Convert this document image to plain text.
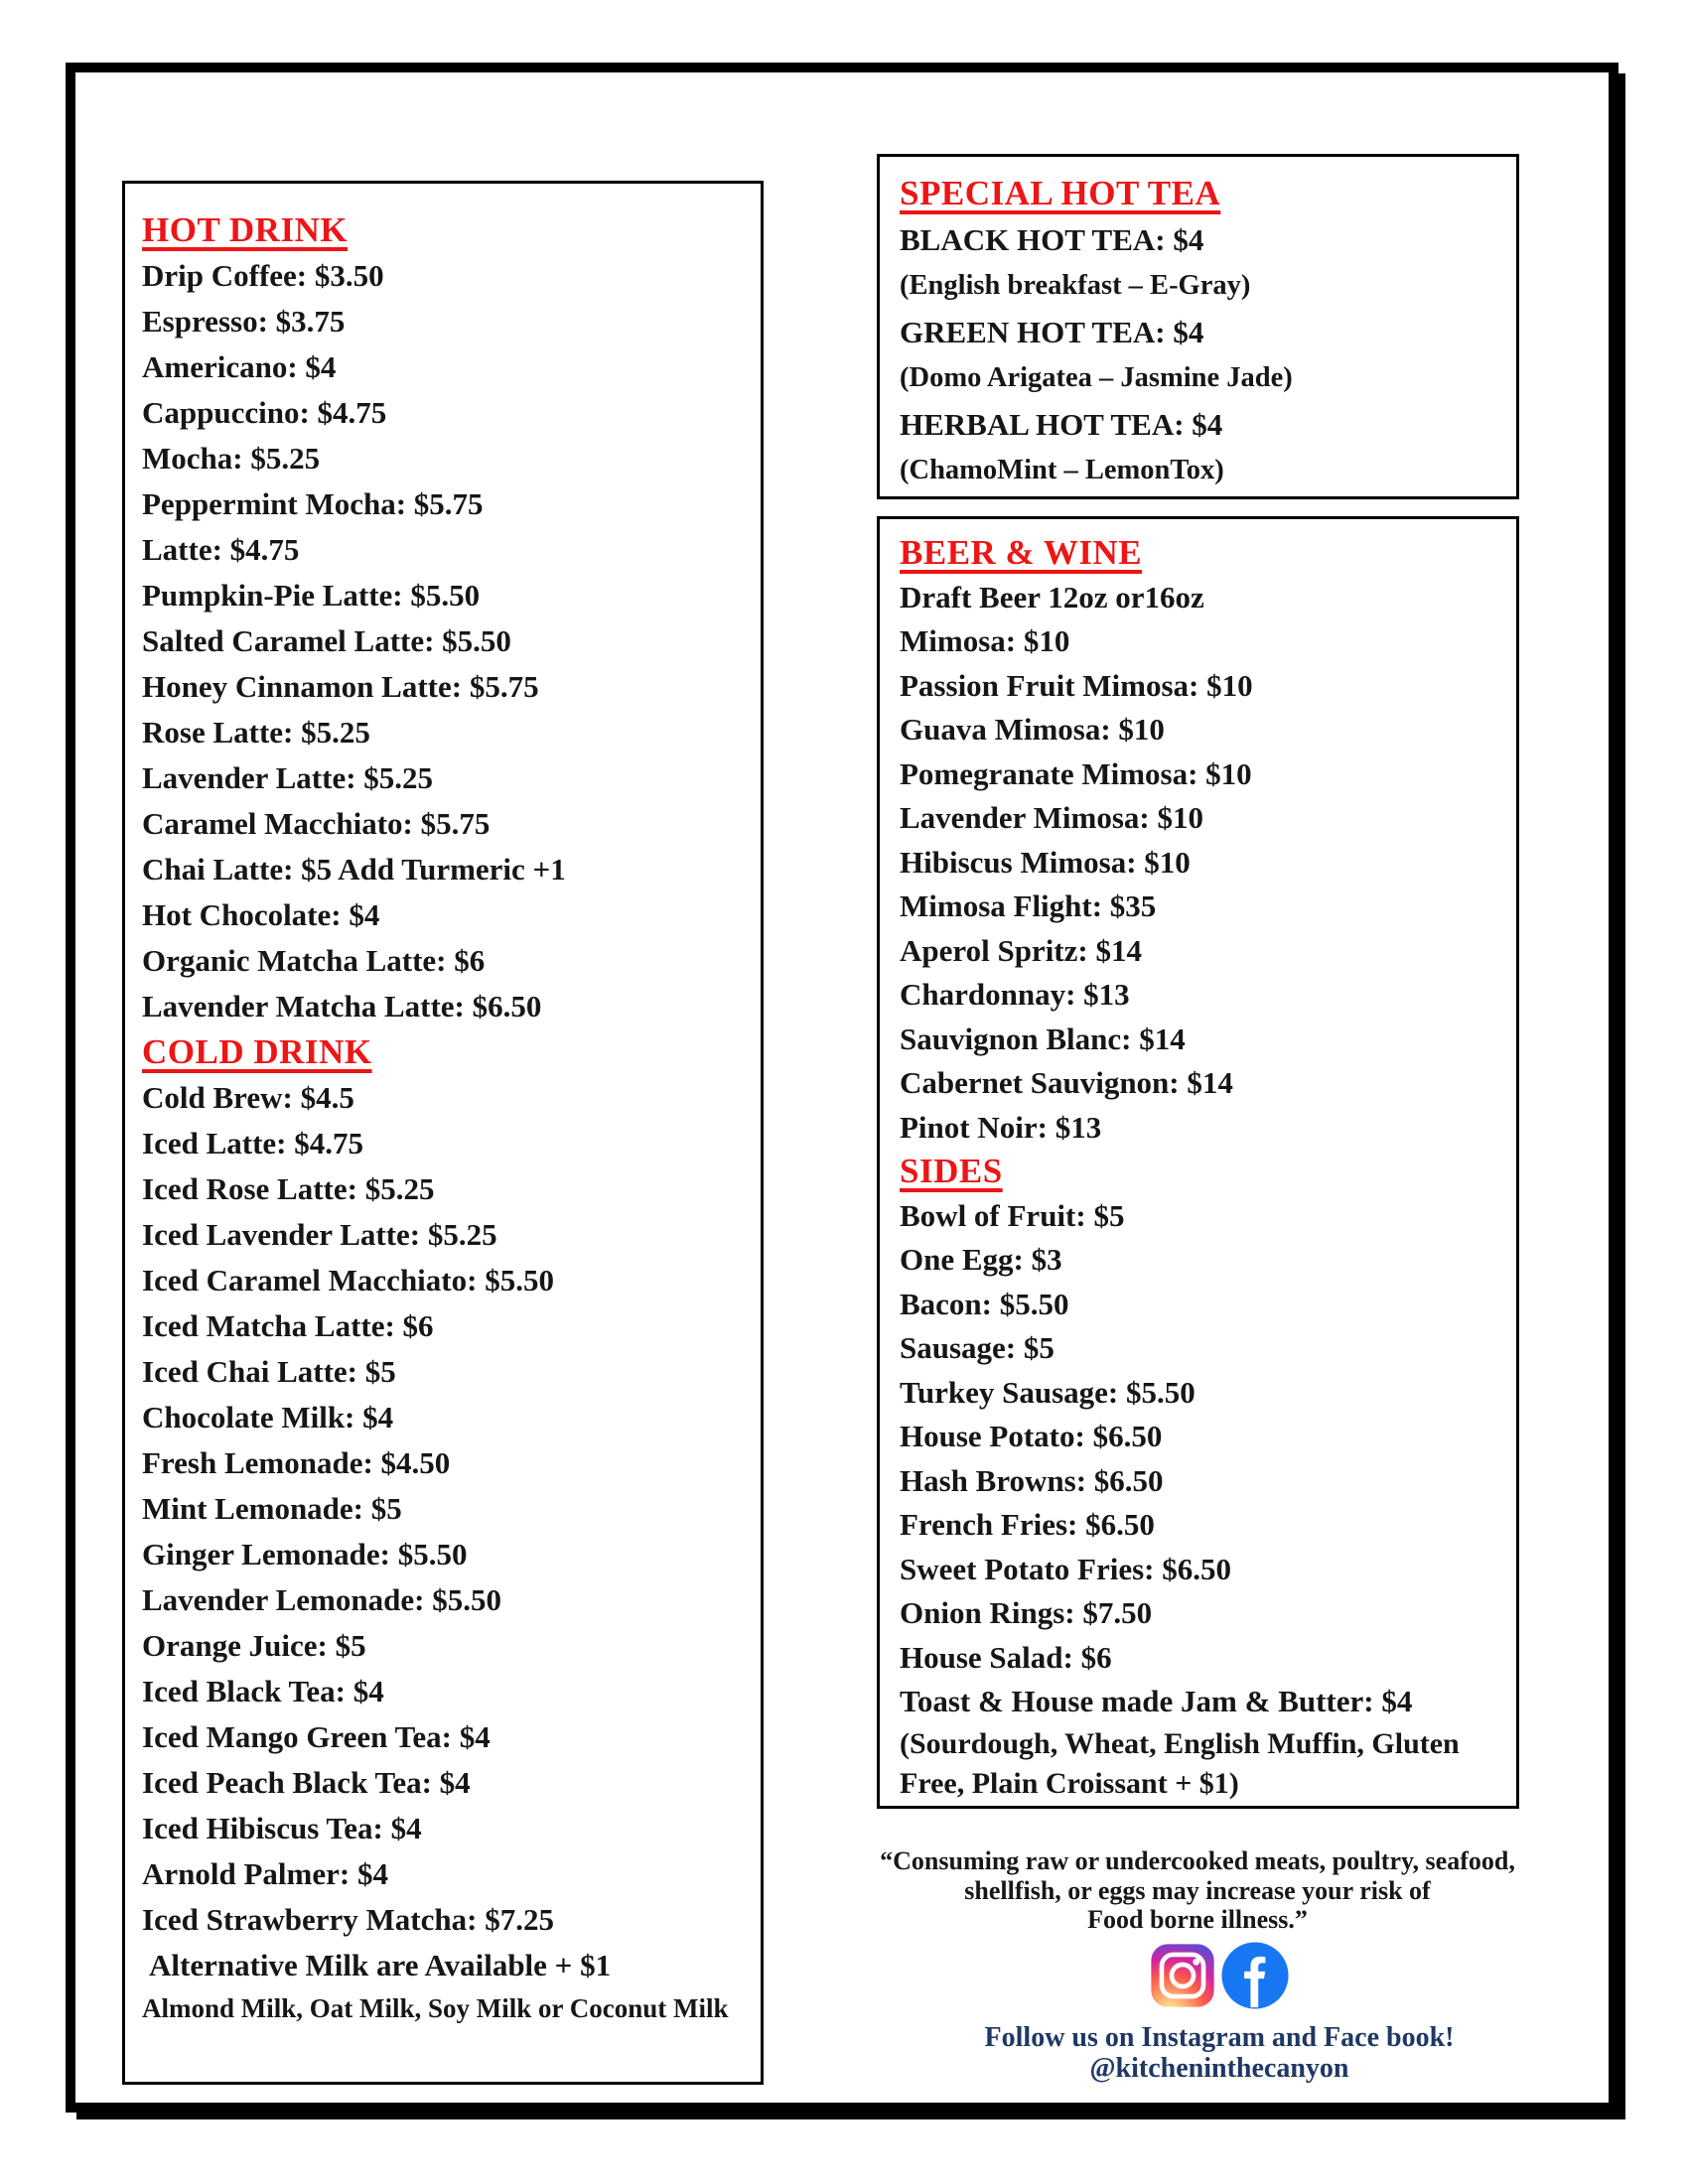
HOT DRINK
Drip Coffee: $3.50
Espresso: $3.75
Americano: $4
Cappuccino: $4.75
Mocha: $5.25
Peppermint Mocha: $5.75
Latte: $4.75
Pumpkin-Pie Latte: $5.50
Salted Caramel Latte: $5.50
Honey Cinnamon Latte: $5.75
Rose Latte: $5.25
Lavender Latte: $5.25
Caramel Macchiato: $5.75
Chai Latte: $5 Add Turmeric +1
Hot Chocolate: $4
Organic Matcha Latte: $6
Lavender Matcha Latte: $6.50
COLD DRINK
Cold Brew: $4.5
Iced Latte: $4.75
Iced Rose Latte: $5.25
Iced Lavender Latte: $5.25
Iced Caramel Macchiato: $5.50
Iced Matcha Latte: $6
Iced Chai Latte: $5
Chocolate Milk: $4
Fresh Lemonade: $4.50
Mint Lemonade: $5
Ginger Lemonade: $5.50
Lavender Lemonade: $5.50
Orange Juice: $5
Iced Black Tea: $4
Iced Mango Green Tea: $4
Iced Peach Black Tea: $4
Iced Hibiscus Tea: $4
Arnold Palmer: $4
Iced Strawberry Matcha: $7.25
Alternative Milk are Available + $1
Almond Milk, Oat Milk, Soy Milk or Coconut Milk
SPECIAL HOT TEA
BLACK HOT TEA: $4
(English breakfast – E-Gray)
GREEN HOT TEA: $4
(Domo Arigatea – Jasmine Jade)
HERBAL HOT TEA: $4
(ChamoMint – LemonTox)
BEER & WINE
Draft Beer 12oz or16oz
Mimosa: $10
Passion Fruit Mimosa: $10
Guava Mimosa: $10
Pomegranate Mimosa: $10
Lavender Mimosa: $10
Hibiscus Mimosa: $10
Mimosa Flight: $35
Aperol Spritz: $14
Chardonnay: $13
Sauvignon Blanc: $14
Cabernet Sauvignon: $14
Pinot Noir: $13
SIDES
Bowl of Fruit: $5
One Egg: $3
Bacon: $5.50
Sausage: $5
Turkey Sausage: $5.50
House Potato: $6.50
Hash Browns: $6.50
French Fries: $6.50
Sweet Potato Fries: $6.50
Onion Rings: $7.50
House Salad: $6
Toast & House made Jam & Butter: $4
(Sourdough, Wheat, English Muffin, Gluten Free, Plain Croissant + $1)
“Consuming raw or undercooked meats, poultry, seafood,
shellfish, or eggs may increase your risk of
Food borne illness.”
Follow us on Instagram and Face book!
@kitcheninthecanyon
